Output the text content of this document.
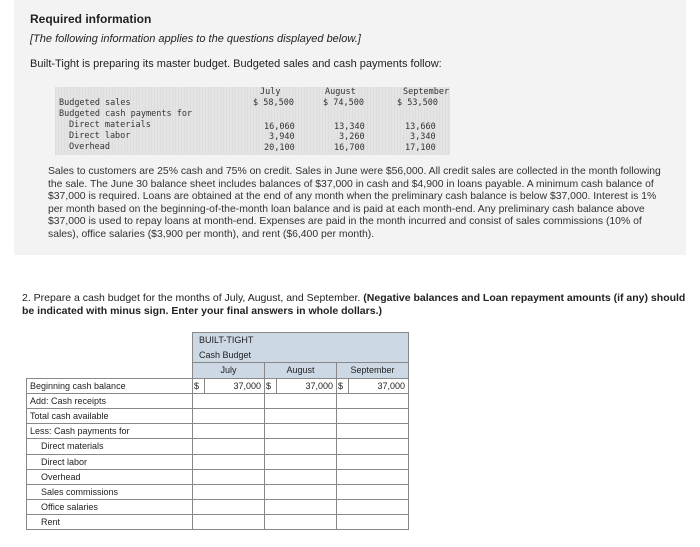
Required information
[The following information applies to the questions displayed below.]
Built-Tight is preparing its master budget. Budgeted sales and cash payments follow:
July	August	September
Budgeted sales	$ 58,500	$ 74,500	$ 53,500
Budgeted cash payments for
Direct materials	16,060	13,340	13,660
Direct labor	3,940	3,260	3,340
Overhead	20,100	16,700	17,100
Sales to customers are 25% cash and 75% on credit. Sales in June were $56,000. All credit sales are collected in the month following the sale. The June 30 balance sheet includes balances of $37,000 in cash and $4,900 in loans payable. A minimum cash balance of $37,000 is required. Loans are obtained at the end of any month when the preliminary cash balance is below $37,000. Interest is 1% per month based on the beginning-of-the-month loan balance and is paid at each month-end. Any preliminary cash balance above $37,000 is used to repay loans at month-end. Expenses are paid in the month incurred and consist of sales commissions (10% of sales), office salaries ($3,900 per month), and rent ($6,400 per month).
2. Prepare a cash budget for the months of July, August, and September. (Negative balances and Loan repayment amounts (if any) should be indicated with minus sign. Enter your final answers in whole dollars.)
	BUILT-TIGHT					
	Cash Budget					
	July		August		September	
Beginning cash balance	$	37,000	$	37,000	$	37,000
Add: Cash receipts						
Total cash available						
Less: Cash payments for						
Direct materials						
Direct labor						
Overhead						
Sales commissions						
Office salaries						
Rent						
